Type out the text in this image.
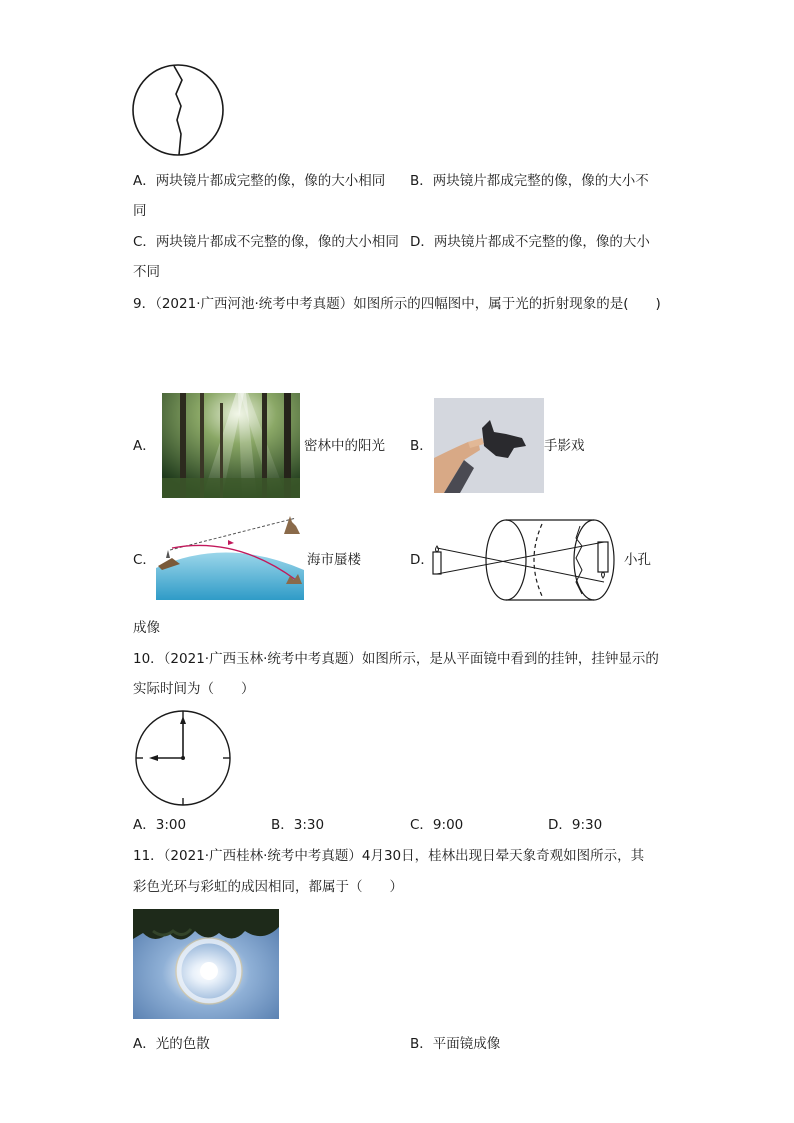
A．两块镜片都成完整的像，像的大小相同 B．两块镜片都成完整的像，像的大小不
同
C．两块镜片都成不完整的像，像的大小相同 D．两块镜片都成不完整的像，像的大小
不同
9．（2021·广西河池·统考中考真题）如图所示的四幅图中，属于光的折射现象的是(　　)
A．	密林中的阳光 B．	手影戏
C．	海市蜃楼	D．	小孔
成像
10．（2021·广西玉林·统考中考真题）如图所示，是从平面镜中看到的挂钟，挂钟显示的
实际时间为（　　）
A．3:00	B．3:30	C．9:00	D．9:30
11．（2021·广西桂林·统考中考真题）4月30日，桂林出现日晕天象奇观如图所示，其
彩色光环与彩虹的成因相同，都属于（　　）
A．光的色散	B．平面镜成像
